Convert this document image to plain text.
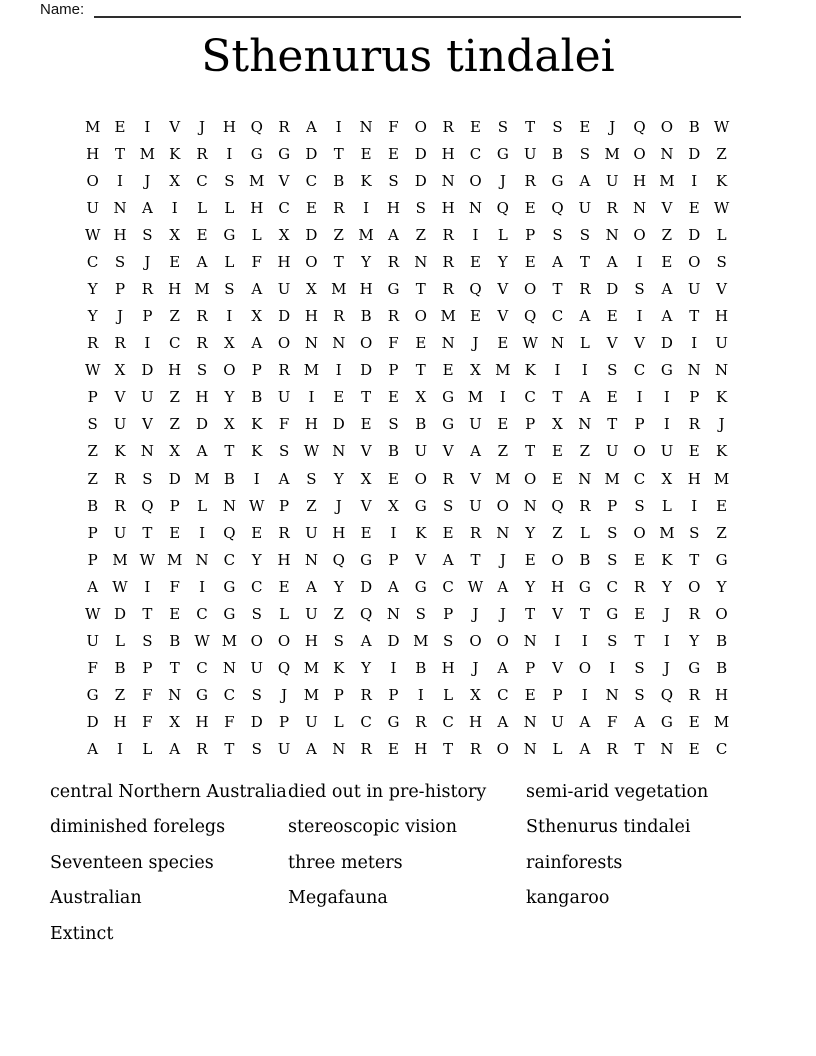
Name:
Sthenurus tindalei
M E	I	V	J	H Q	R	A	I	N	F	O	R	E	S	T	S	E	J	Q	O	B W
H	T M K	R	I	G	G	D	T	E	E	D H	C	G	U	B	S M O N D	Z
O	I	J	X	C	S M V	C	B	K	S	D N O	J	R	G	A	U H M	I	K
U N	A	I	L	L	H	C	E	R	I	H	S	H N Q	E	Q U	R	N	V	E W
W H	S	X	E	G	L	X	D	Z M A	Z	R	I	L	P	S	S	N O	Z	D	L
C	S	J	E	A	L	F	H O	T	Y	R	N	R	E	Y	E	A	T	A	I	E	O	S
Y	P	R	H M S	A	U	X M H G	T	R	Q	V	O	T	R	D	S	A	U	V
Y	J	P	Z	R	I	X	D H	R	B	R	O M E	V	Q	C	A	E	I	A	T	H
R	R	I	C	R	X	A	O N N O	F	E	N	J	E W N	L	V	V	D	I	U
W X	D H	S	O	P	R M	I	D	P	T	E	X M K	I	I	S	C	G N N
P	V	U	Z	H	Y	B	U	I	E	T	E	X	G M	I	C	T	A	E	I	I	P	K
S	U	V	Z	D	X	K	F	H D	E	S	B	G	U	E	P	X	N	T	P	I	R	J
Z	K	N	X	A	T	K	S W N	V	B	U	V	A	Z	T	E	Z	U O U	E	K
Z	R	S	D M B	I	A	S	Y	X	E	O	R	V M O	E	N M C	X	H M
B	R	Q	P	L	N W P	Z	J	V	X	G	S	U O N Q	R	P	S	L	I	E
P	U	T	E	I	Q	E	R	U H	E	I	K	E	R	N	Y	Z	L	S	O M S	Z
P M W M N	C	Y	H N Q	G	P	V	A	T	J	E	O	B	S	E	K	T	G
A W	I	F	I	G	C	E	A	Y	D	A	G	C W A	Y	H G	C	R	Y	O	Y
W D	T	E	C	G	S	L	U	Z	Q N	S	P	J	J	T	V	T	G	E	J	R	O
U	L	S	B W M O	O H	S	A	D M S	O	O N	I	I	S	T	I	Y	B
F	B	P	T	C	N U Q M K	Y	I	B	H	J	A	P	V	O	I	S	J	G	B
G	Z	F	N G	C	S	J	M P	R	P	I	L	X	C	E	P	I	N	S	Q	R	H
D H	F	X	H	F	D	P	U	L	C	G	R	C	H	A	N U	A	F	A	G	E M
A	I	L	A	R	T	S	U	A	N	R	E	H	T	R	O N	L	A	R	T	N	E	C
central Northern Australia
diminished forelegs
Seventeen species
Australian
Extinct
died out in pre-history
stereoscopic vision
three meters
Megafauna
semi-arid vegetation
Sthenurus tindalei
rainforests
kangaroo
